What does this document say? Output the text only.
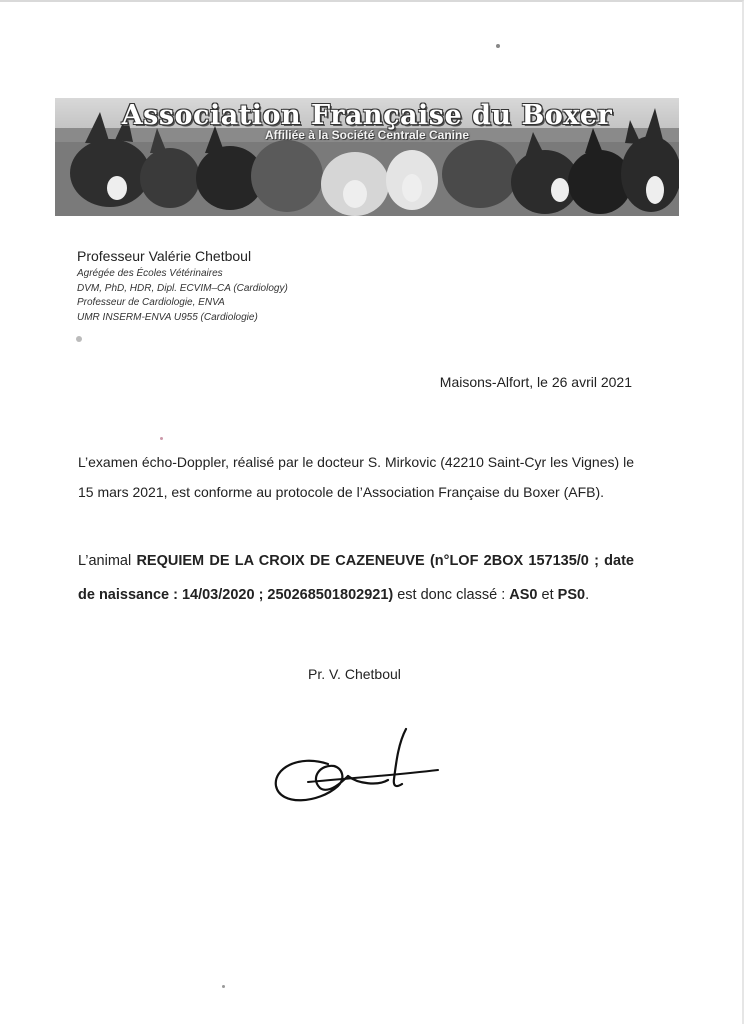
Association Française du Boxer
Affiliée à la Société Centrale Canine
Professeur Valérie Chetboul
Agrégée des Écoles Vétérinaires
DVM, PhD, HDR, Dipl. ECVIM–CA (Cardiology)
Professeur de Cardiologie, ENVA
UMR INSERM-ENVA U955 (Cardiologie)
Maisons-Alfort, le 26 avril 2021
L’examen écho-Doppler, réalisé par le docteur S. Mirkovic (42210 Saint-Cyr les Vignes) le 15 mars 2021, est conforme au protocole de l’Association Française du Boxer (AFB).
L’animal REQUIEM DE LA CROIX DE CAZENEUVE (n°LOF 2BOX 157135/0 ; date de naissance : 14/03/2020 ; 250268501802921) est donc classé : AS0 et PS0.
Pr. V. Chetboul
